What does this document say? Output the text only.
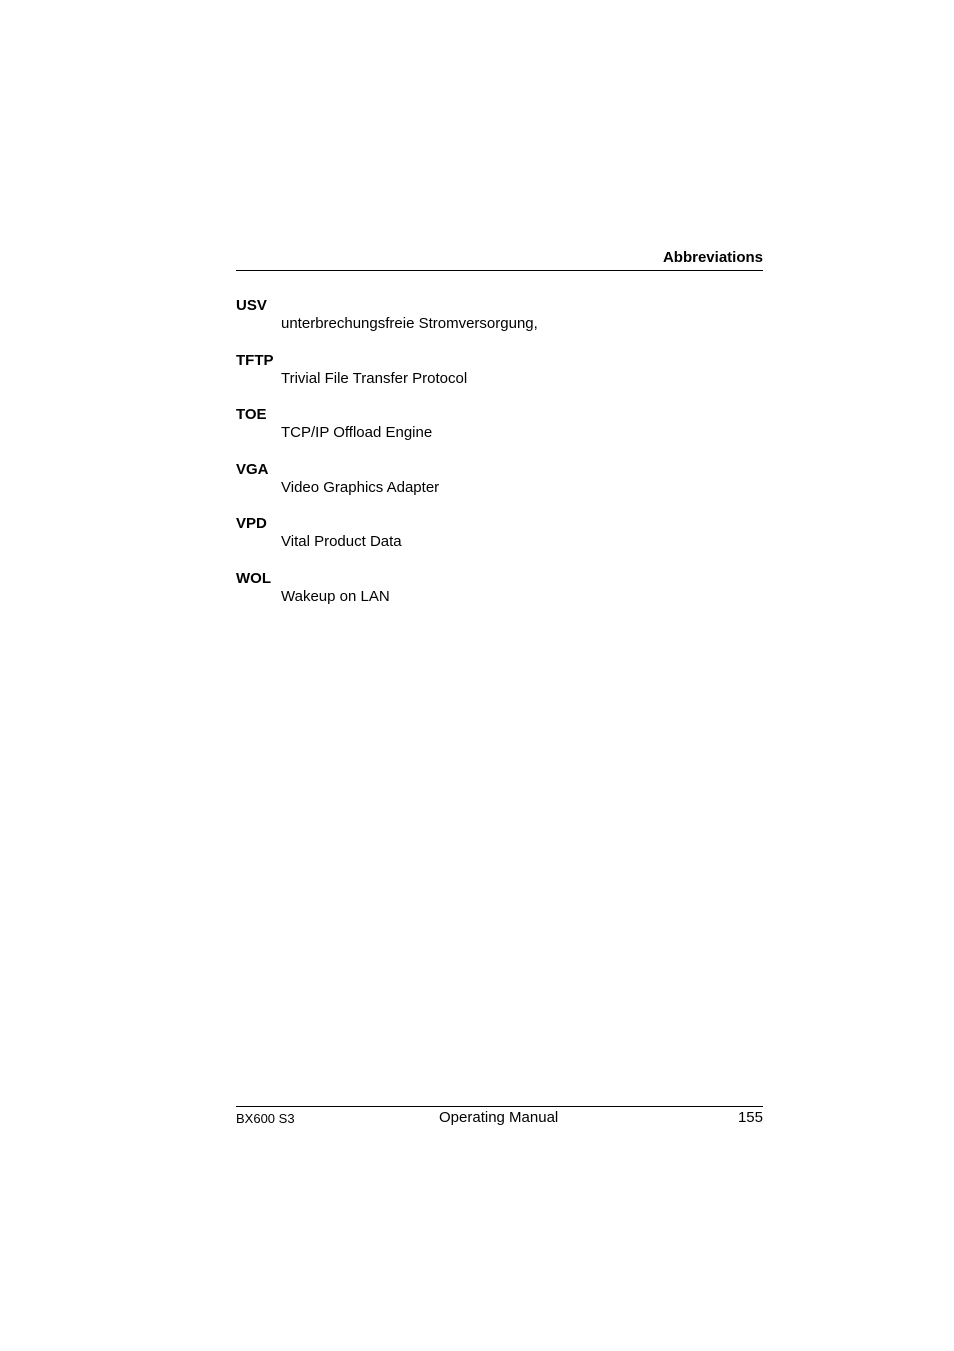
Abbreviations
USV
unterbrechungsfreie Stromversorgung,
TFTP
Trivial File Transfer Protocol
TOE
TCP/IP Offload Engine
VGA
Video Graphics Adapter
VPD
Vital Product Data
WOL
Wakeup on LAN
BX600 S3	Operating Manual	155
